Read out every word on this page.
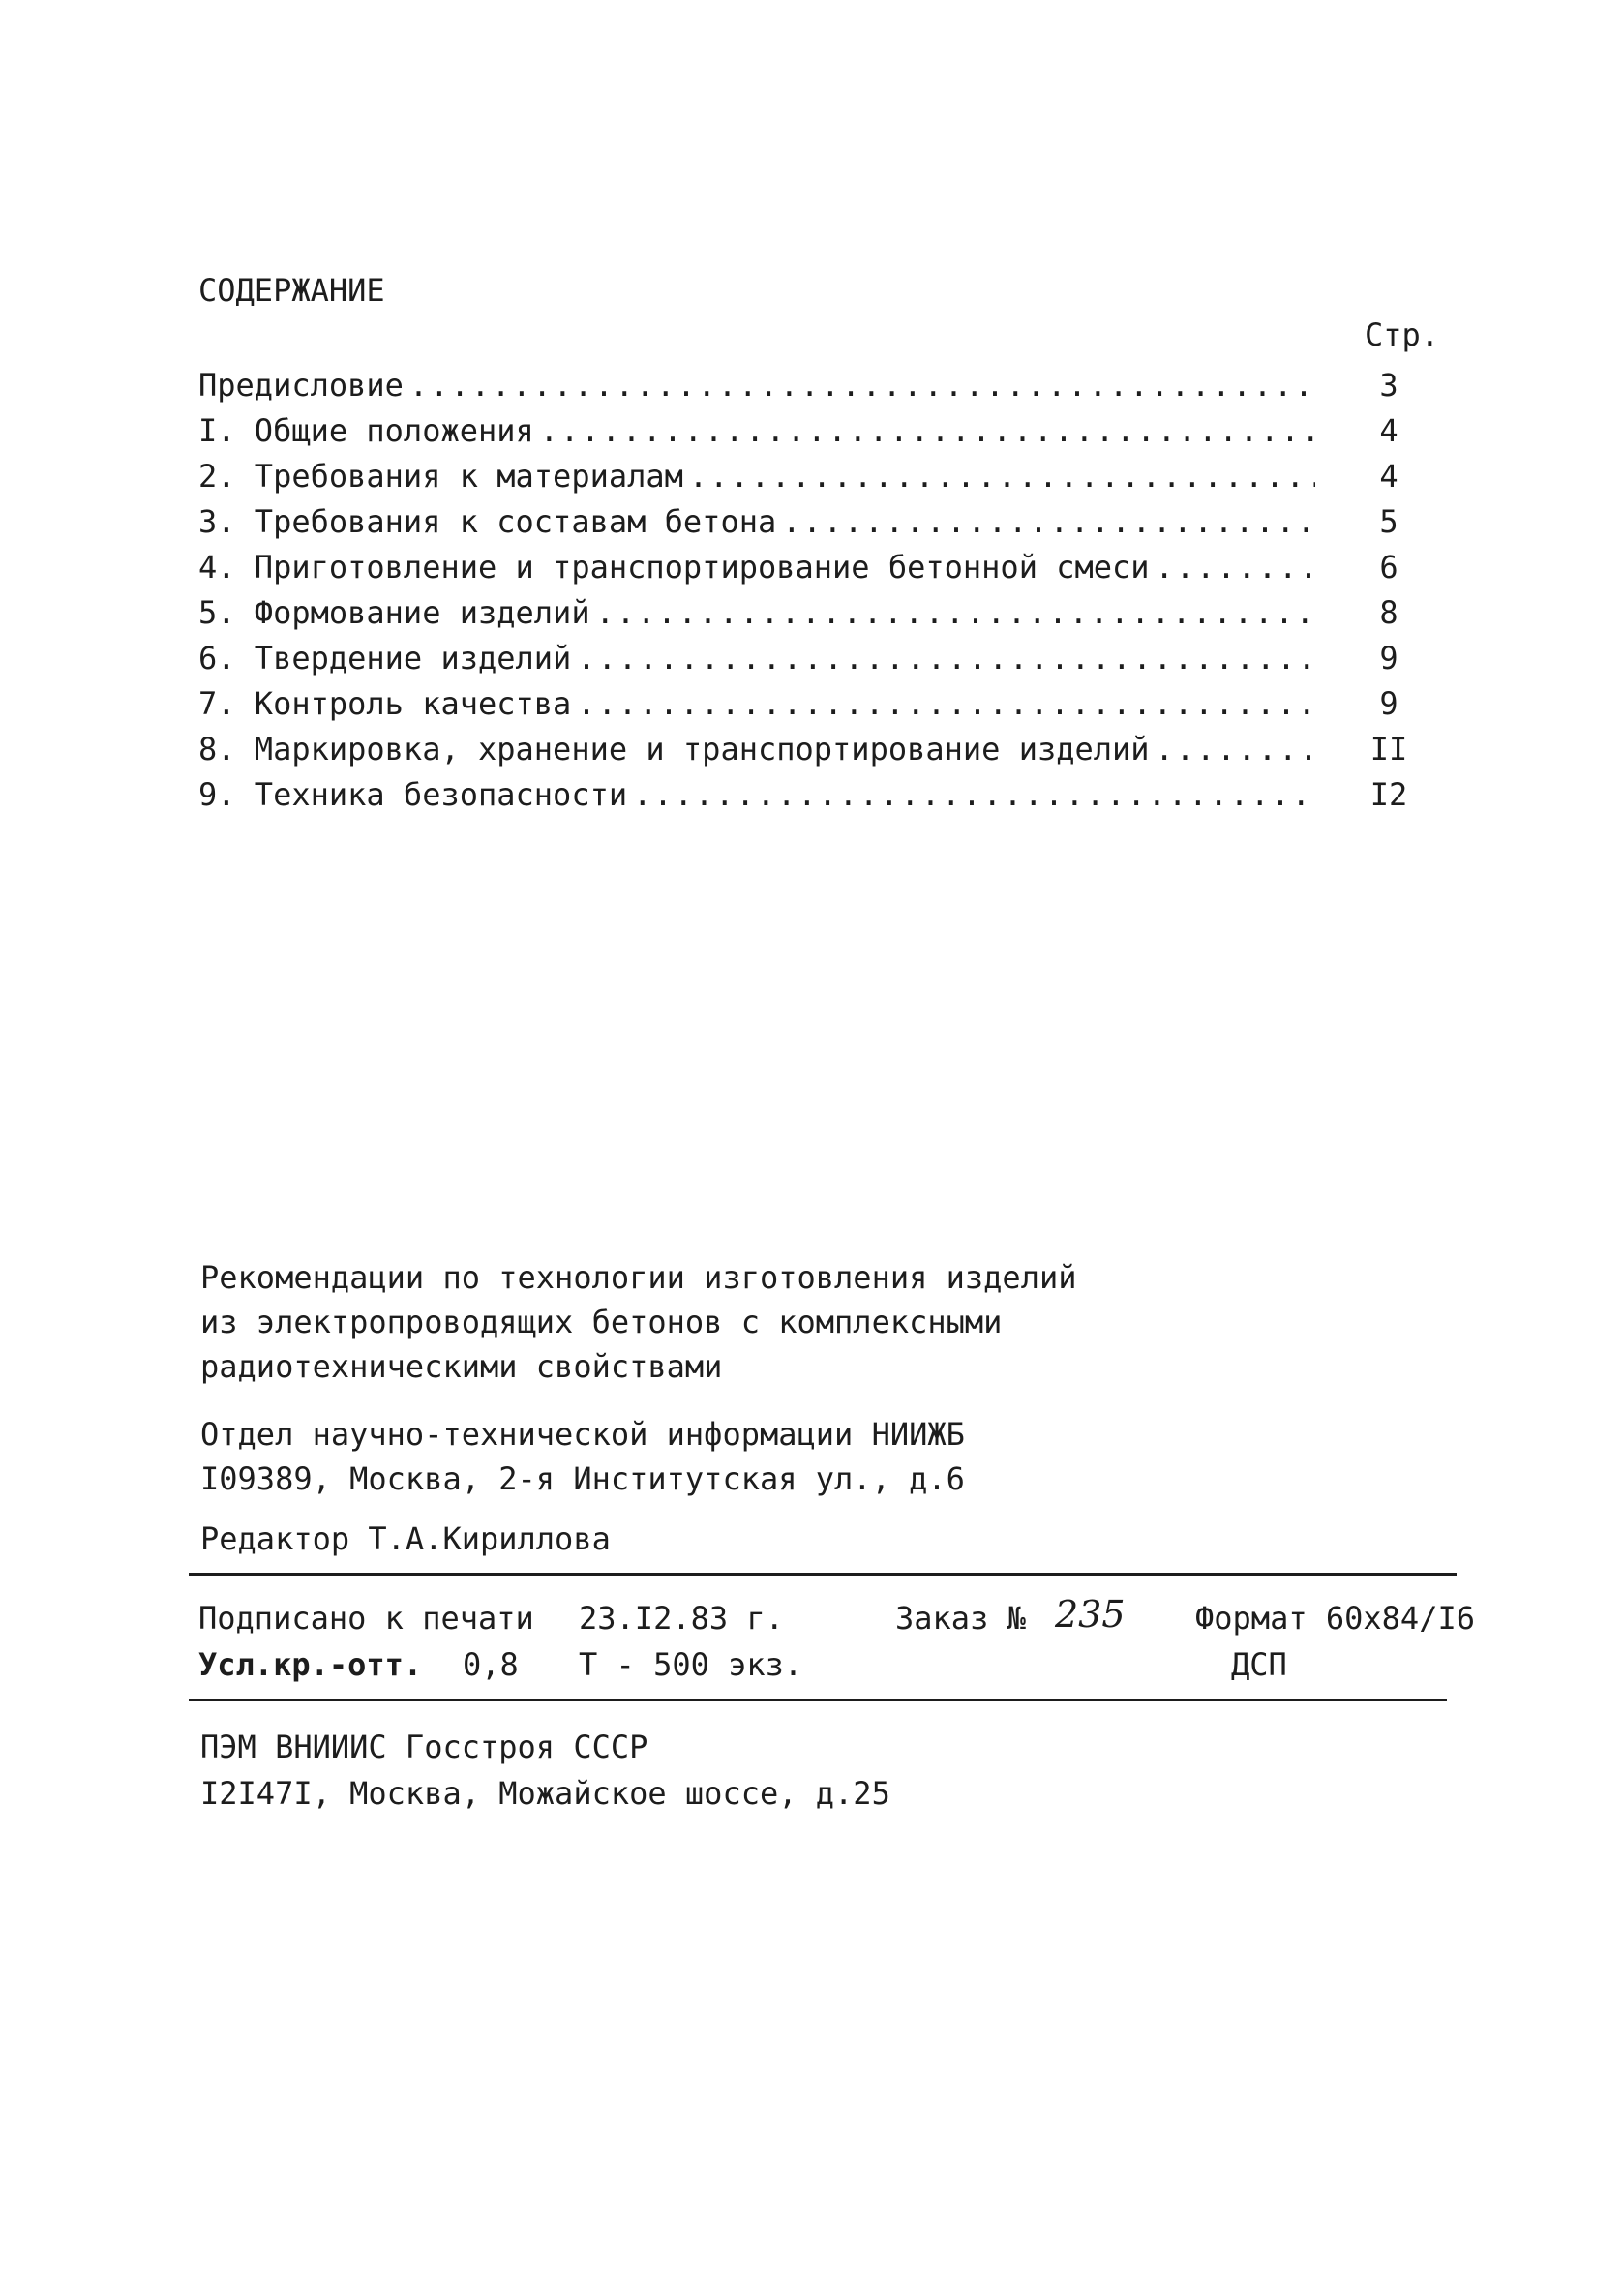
СОДЕРЖАНИЕ
Стр.
Предисловие .....	3
I. Общие положения .....	4
2. Требования к материалам .....	4
3. Требования к составам бетона .....	5
4. Приготовление и транспортирование бетонной смеси .....	6
5. Формование изделий .....	8
6. Твердение изделий .....	9
7. Контроль качества .....	9
8. Маркировка, хранение и транспортирование изделий .....	II
9. Техника безопасности .....	I2
Рекомендации по технологии изготовления изделий
из электропроводящих бетонов с комплексными
радиотехническими свойствами
Отдел научно-технической информации НИИЖБ
I09389, Москва, 2-я Институтская ул., д.6
Редактор Т.А.Кириллова
Подписано к печати 23.I2.83 г.	Заказ № 235 Формат 60х84/I6
Усл.кр.-отт. 0,8 Т - 500 экз.	ДСП
ПЭМ ВНИИИС Госстроя СССР
I2I47I, Москва, Можайское шоссе, д.25
